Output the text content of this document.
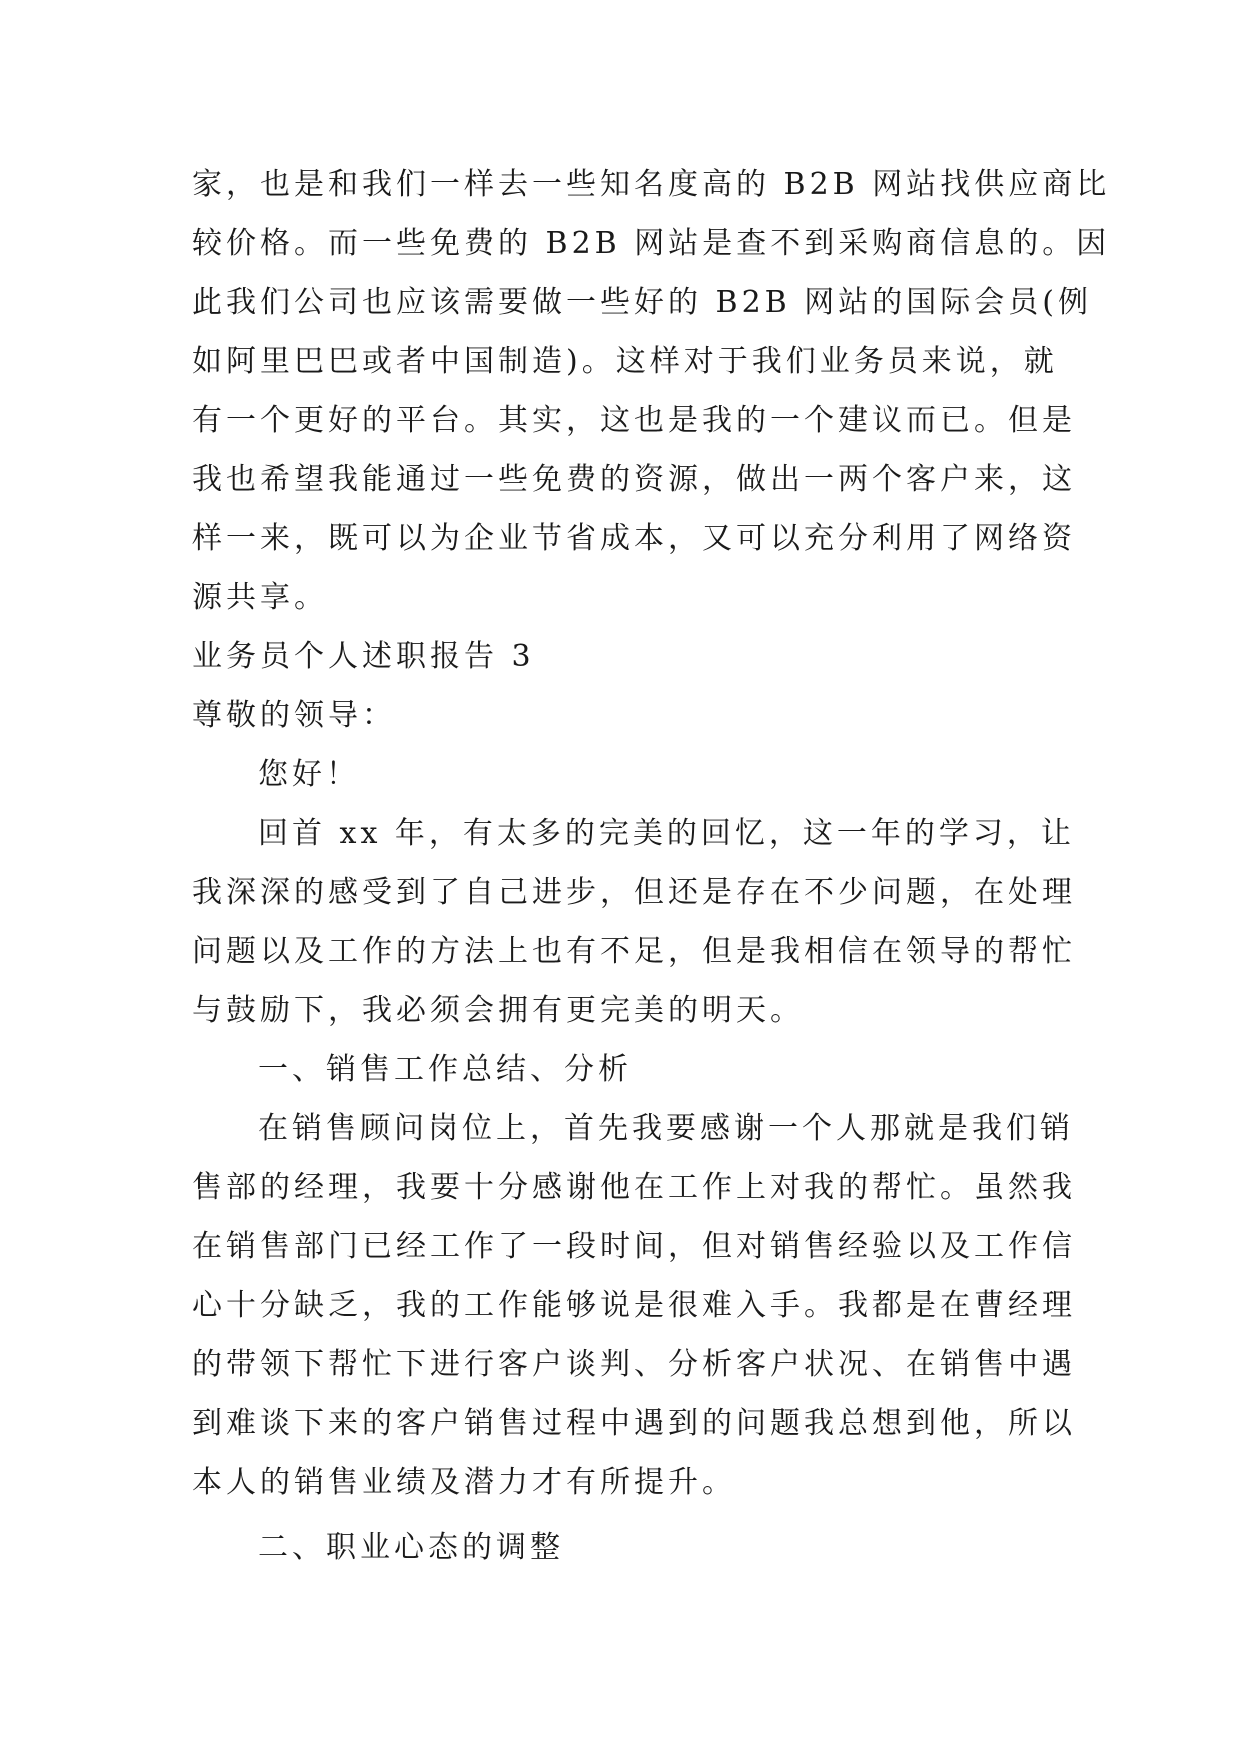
家，也是和我们一样去一些知名度高的 B2B 网站找供应商比
较价格。而一些免费的 B2B 网站是查不到采购商信息的。因
此我们公司也应该需要做一些好的 B2B 网站的国际会员(例
如阿里巴巴或者中国制造)。这样对于我们业务员来说，就
有一个更好的平台。其实，这也是我的一个建议而已。但是
我也希望我能通过一些免费的资源，做出一两个客户来，这
样一来，既可以为企业节省成本，又可以充分利用了网络资
源共享。
业务员个人述职报告 3
尊敬的领导：
您好！
回首 xx 年，有太多的完美的回忆，这一年的学习，让
我深深的感受到了自己进步，但还是存在不少问题，在处理
问题以及工作的方法上也有不足，但是我相信在领导的帮忙
与鼓励下，我必须会拥有更完美的明天。
一、销售工作总结、分析
在销售顾问岗位上，首先我要感谢一个人那就是我们销
售部的经理，我要十分感谢他在工作上对我的帮忙。虽然我
在销售部门已经工作了一段时间，但对销售经验以及工作信
心十分缺乏，我的工作能够说是很难入手。我都是在曹经理
的带领下帮忙下进行客户谈判、分析客户状况、在销售中遇
到难谈下来的客户销售过程中遇到的问题我总想到他，所以
本人的销售业绩及潜力才有所提升。
二、职业心态的调整
